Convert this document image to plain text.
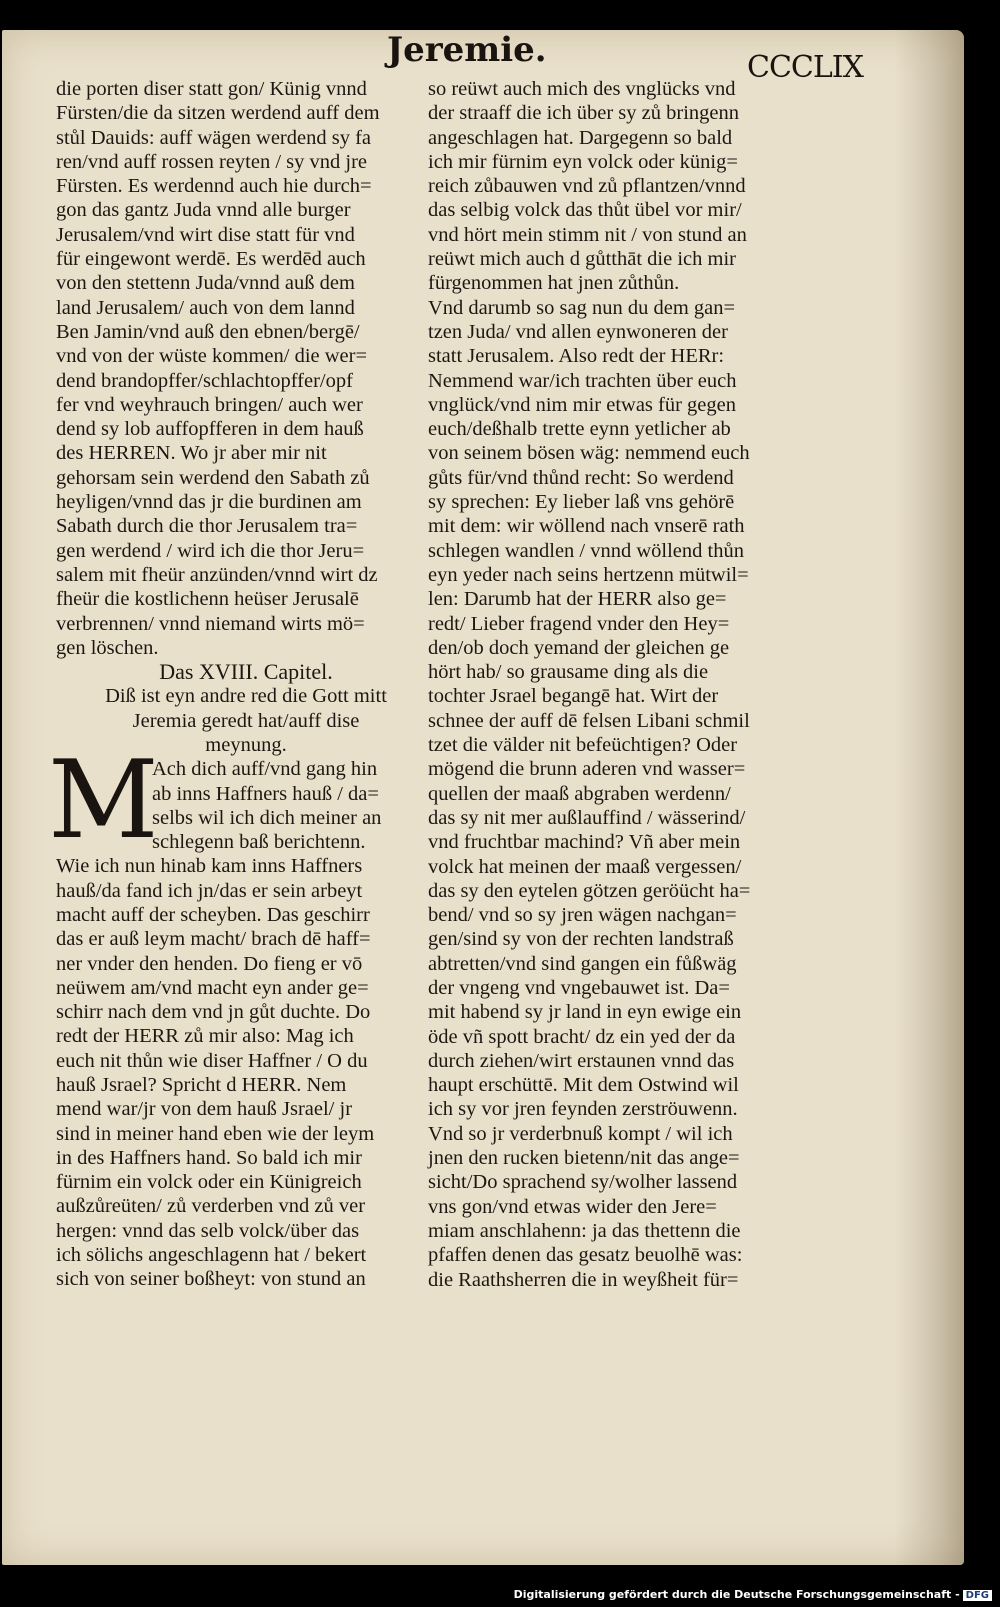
Jeremie.	CCCLIX
die porten diser statt gon/ Künig vnnd
Fürsten/die da sitzen werdend auff dem
stůl Dauids: auff wägen werdend sy fa
ren/vnd auff rossen reyten / sy vnd jre
Fürsten. Es werdennd auch hie durch=
gon das gantz Juda vnnd alle burger
Jerusalem/vnd wirt dise statt für vnd
für eingewont werdē. Es werdēd auch
von den stettenn Juda/vnnd auß dem
land Jerusalem/ auch von dem lannd
Ben Jamin/vnd auß den ebnen/bergē/
vnd von der wüste kommen/ die wer=
dend brandopffer/schlachtopffer/opf
fer vnd weyhrauch bringen/ auch wer
dend sy lob auffopfferen in dem hauß
des HERREN. Wo jr aber mir nit
gehorsam sein werdend den Sabath zů
heyligen/vnnd das jr die burdinen am
Sabath durch die thor Jerusalem tra=
gen werdend / wird ich die thor Jeru=
salem mit fheür anzünden/vnnd wirt dz
fheür die kostlichenn heüser Jerusalē
verbrennen/ vnnd niemand wirts mö=
gen löschen.
Das XVIII. Capitel.
Diß ist eyn andre red die Gott mitt
Jeremia geredt hat/auff dise
meynung.
M
Ach dich auff/vnd gang hin
ab inns Haffners hauß / da=
selbs wil ich dich meiner an
schlegenn baß berichtenn.
Wie ich nun hinab kam inns Haffners
hauß/da fand ich jn/das er sein arbeyt
macht auff der scheyben. Das geschirr
das er auß leym macht/ brach dē haff=
ner vnder den henden. Do fieng er vō
neüwem am/vnd macht eyn ander ge=
schirr nach dem vnd jn gůt duchte. Do
redt der HERR zů mir also: Mag ich
euch nit thůn wie diser Haffner / O du
hauß Jsrael? Spricht d HERR. Nem
mend war/jr von dem hauß Jsrael/ jr
sind in meiner hand eben wie der leym
in des Haffners hand. So bald ich mir
fürnim ein volck oder ein Künigreich
außzůreüten/ zů verderben vnd zů ver
hergen: vnnd das selb volck/über das
ich sölichs angeschlagenn hat / bekert
sich von seiner boßheyt: von stund an
so reüwt auch mich des vnglücks vnd
der straaff die ich über sy zů bringenn
angeschlagen hat. Dargegenn so bald
ich mir fürnim eyn volck oder künig=
reich zůbauwen vnd zů pflantzen/vnnd
das selbig volck das thůt übel vor mir/
vnd hört mein stimm nit / von stund an
reüwt mich auch d gůtthāt die ich mir
fürgenommen hat jnen zůthůn.
Vnd darumb so sag nun du dem gan=
tzen Juda/ vnd allen eynwoneren der
statt Jerusalem. Also redt der HERr:
Nemmend war/ich trachten über euch
vnglück/vnd nim mir etwas für gegen
euch/deßhalb trette eynn yetlicher ab
von seinem bösen wäg: nemmend euch
gůts für/vnd thůnd recht: So werdend
sy sprechen: Ey lieber laß vns gehörē
mit dem: wir wöllend nach vnserē rath
schlegen wandlen / vnnd wöllend thůn
eyn yeder nach seins hertzenn mütwil=
len: Darumb hat der HERR also ge=
redt/ Lieber fragend vnder den Hey=
den/ob doch yemand der gleichen ge
hört hab/ so grausame ding als die
tochter Jsrael begangē hat. Wirt der
schnee der auff dē felsen Libani schmil
tzet die välder nit befeüchtigen? Oder
mögend die brunn aderen vnd wasser=
quellen der maaß abgraben werdenn/
das sy nit mer außlauffind / wässerind/
vnd fruchtbar machind? Vñ aber mein
volck hat meinen der maaß vergessen/
das sy den eytelen götzen geröücht ha=
bend/ vnd so sy jren wägen nachgan=
gen/sind sy von der rechten landstraß
abtretten/vnd sind gangen ein fůßwäg
der vngeng vnd vngebauwet ist. Da=
mit habend sy jr land in eyn ewige ein
öde vñ spott bracht/ dz ein yed der da
durch ziehen/wirt erstaunen vnnd das
haupt erschüttē. Mit dem Ostwind wil
ich sy vor jren feynden zerströuwenn.
Vnd so jr verderbnuß kompt / wil ich
jnen den rucken bietenn/nit das ange=
sicht/Do sprachend sy/wolher lassend
vns gon/vnd etwas wider den Jere=
miam anschlahenn: ja das thettenn die
pfaffen denen das gesatz beuolhē was:
die Raathsherren die in weyßheit für=
Digitalisierung gefördert durch die Deutsche Forschungsgemeinschaft - DFG
